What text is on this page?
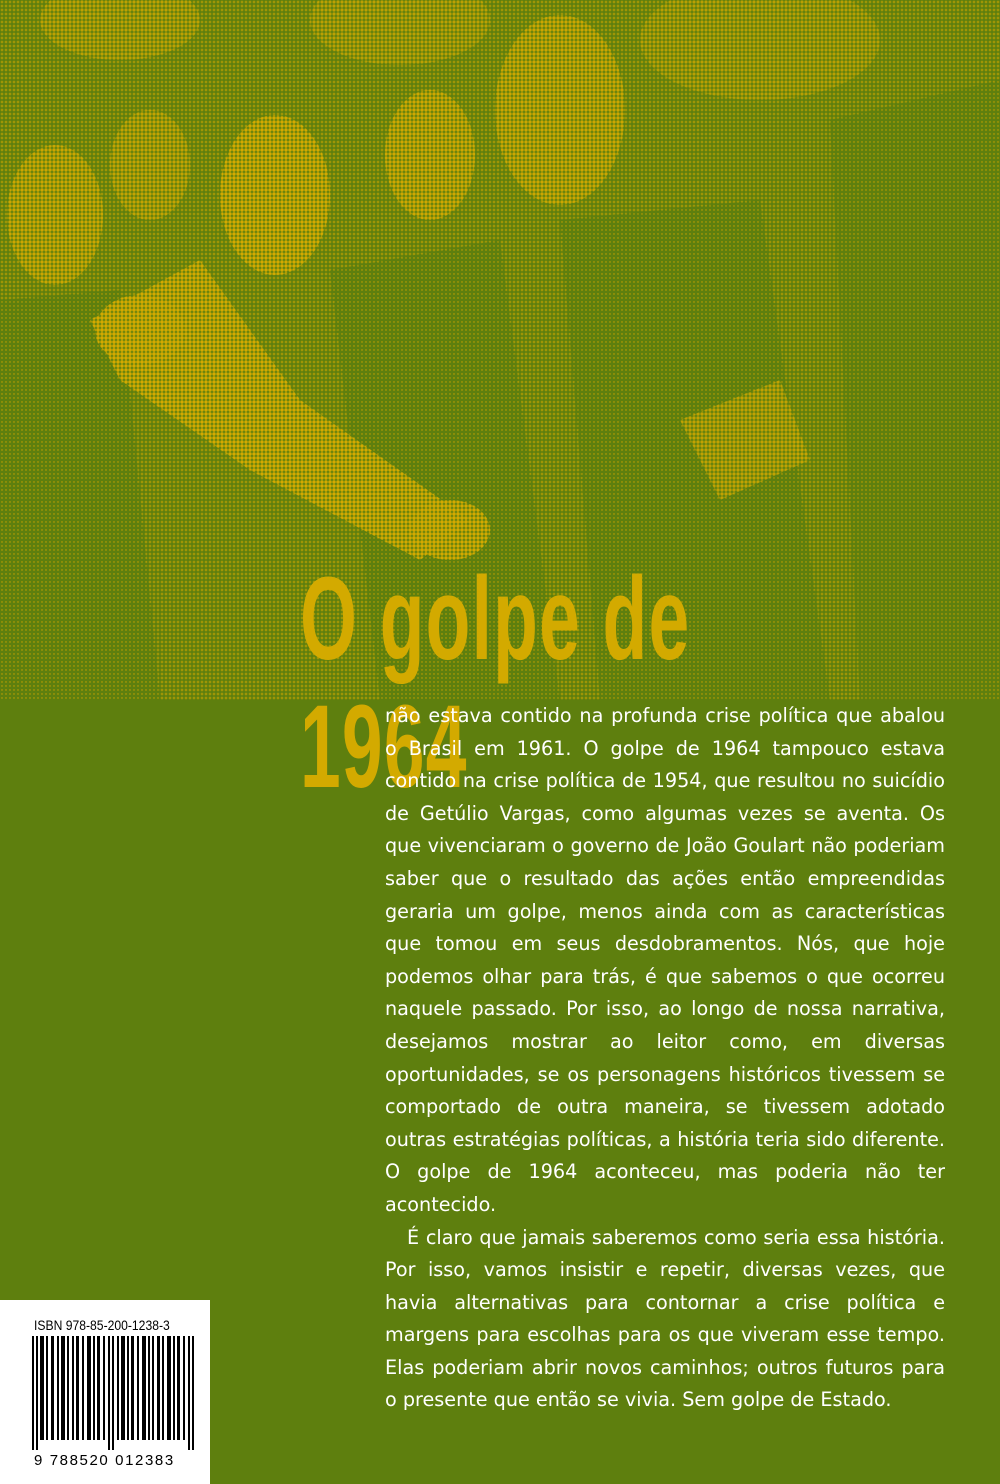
O golpe de
1964

não estava contido na profunda crise política que abalou o Brasil em 1961. O golpe de 1964 tampouco estava contido na crise política de 1954, que resultou no suicídio de Getúlio Vargas, como algumas vezes se aventa. Os que vivenciaram o governo de João Goulart não poderiam saber que o resultado das ações então empreendidas geraria um golpe, menos ainda com as características que tomou em seus desdobramentos. Nós, que hoje podemos olhar para trás, é que sabemos o que ocorreu naquele passado. Por isso, ao longo de nossa narrativa, desejamos mostrar ao leitor como, em diversas oportunidades, se os personagens históricos tivessem se comportado de outra maneira, se tivessem adotado outras estratégias políticas, a história teria sido diferente. O golpe de 1964 aconteceu, mas poderia não ter acontecido.

É claro que jamais saberemos como seria essa história. Por isso, vamos insistir e repetir, diversas vezes, que havia alternativas para contornar a crise política e margens para escolhas para os que viveram esse tempo. Elas poderiam abrir novos caminhos; outros futuros para o presente que então se vivia. Sem golpe de Estado.

ISBN 978-85-200-1238-3
9 788520 012383
